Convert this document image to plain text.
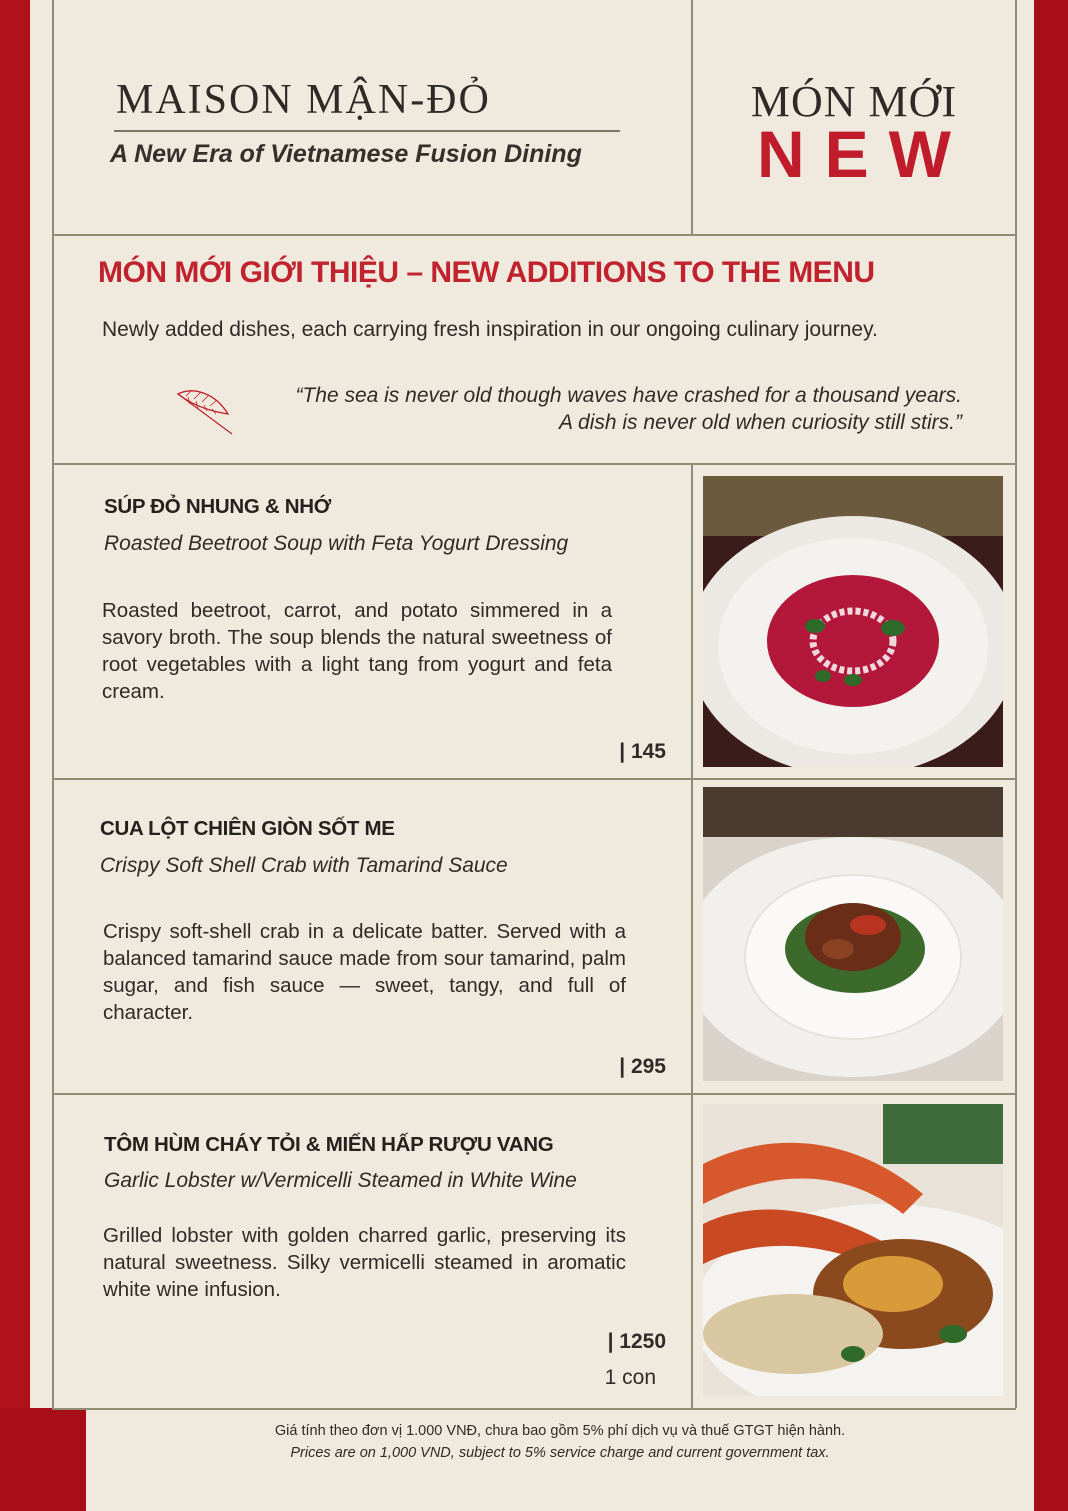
MAISON MẬN-ĐỎ
A New Era of Vietnamese Fusion Dining
MÓN MỚI
NEW
MÓN MỚI GIỚI THIỆU – NEW ADDITIONS TO THE MENU
Newly added dishes, each carrying fresh inspiration in our ongoing culinary journey.
“The sea is never old though waves have crashed for a thousand years.
A dish is never old when curiosity still stirs.”
SÚP ĐỎ NHUNG & NHỚ
Roasted Beetroot Soup with Feta Yogurt Dressing
Roasted beetroot, carrot, and potato simmered in a savory broth. The soup blends the natural sweetness of root vegetables with a light tang from yogurt and feta cream.
| 145
CUA LỘT CHIÊN GIÒN SỐT ME
Crispy Soft Shell Crab with Tamarind Sauce
Crispy soft-shell crab in a delicate batter. Served with a balanced tamarind sauce made from sour tamarind, palm sugar, and fish sauce — sweet, tangy, and full of character.
| 295
TÔM HÙM CHÁY TỎI & MIẾN HẤP RƯỢU VANG
Garlic Lobster w/Vermicelli Steamed in White Wine
Grilled lobster with golden charred garlic, preserving its natural sweetness. Silky vermicelli steamed in aromatic white wine infusion.
| 1250
1 con
Giá tính theo đơn vị 1.000 VNĐ, chưa bao gồm 5% phí dịch vụ và thuế GTGT hiện hành.
Prices are on 1,000 VND, subject to 5% service charge and current government tax.
